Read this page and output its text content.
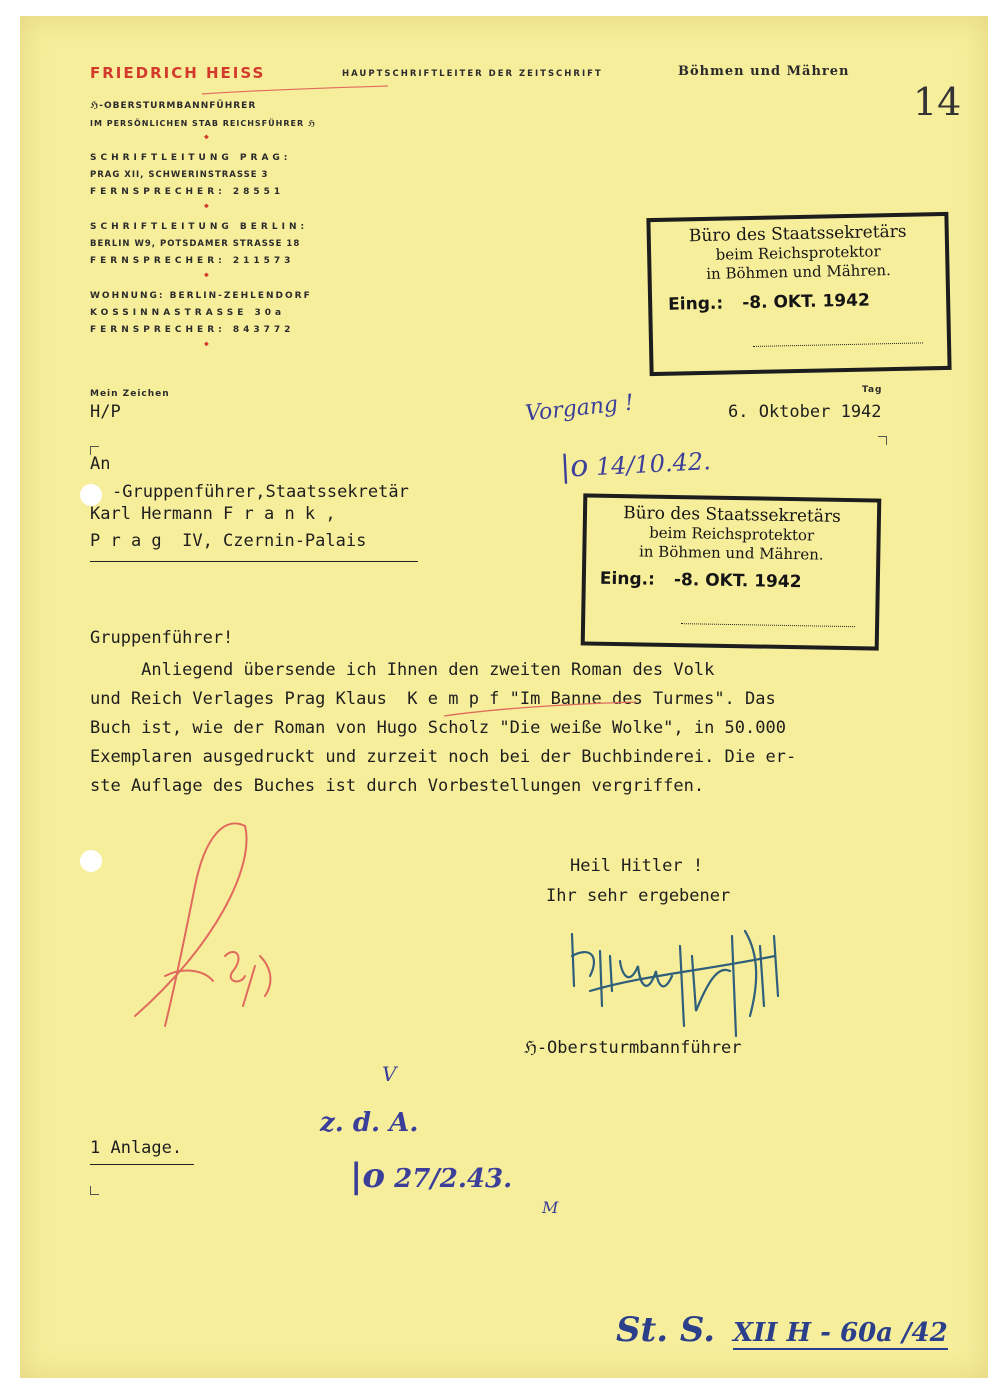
FRIEDRICH HEISS	HAUPTSCHRIFTLEITER DER ZEITSCHRIFT	Böhmen und Mähren
ℌ-OBERSTURMBANNFÜHRER
IM PERSÖNLICHEN STAB REICHSFÜHRER ℌ
◆
SCHRIFTLEITUNG PRAG:
PRAG XII, SCHWERINSTRASSE 3
FERNSPRECHER: 28551
◆
SCHRIFTLEITUNG BERLIN:
BERLIN W9, POTSDAMER STRASSE 18
FERNSPRECHER: 211573
◆
WOHNUNG: BERLIN-ZEHLENDORF
KOSSINNASTRASSE 30a
FERNSPRECHER: 843772
◆
14
Büro des Staatssekretärs
beim Reichsprotektor
in Böhmen und Mähren.
Eing.: -8. OKT. 1942
Mein Zeichen
H/P
Tag
6. Oktober 1942
Vorgang !
|o 14/10.42.
An
-Gruppenführer,Staatssekretär
Karl Hermann F r a n k ,
P r a g  IV, Czernin-Palais
Büro des Staatssekretärs
beim Reichsprotektor
in Böhmen und Mähren.
Eing.: -8. OKT. 1942
Gruppenführer!
Anliegend übersende ich Ihnen den zweiten Roman des Volk
und Reich Verlages Prag Klaus  K e m p f "Im Banne des Turmes". Das
Buch ist, wie der Roman von Hugo Scholz "Die weiße Wolke", in 50.000
Exemplaren ausgedruckt und zurzeit noch bei der Buchbinderei. Die er-
ste Auflage des Buches ist durch Vorbestellungen vergriffen.
Heil Hitler !
Ihr sehr ergebener
ℌ-Obersturmbannführer
V
z. d. A.
|o 27/2.43.
M
1 Anlage.
St. S. XII H - 60a /42
